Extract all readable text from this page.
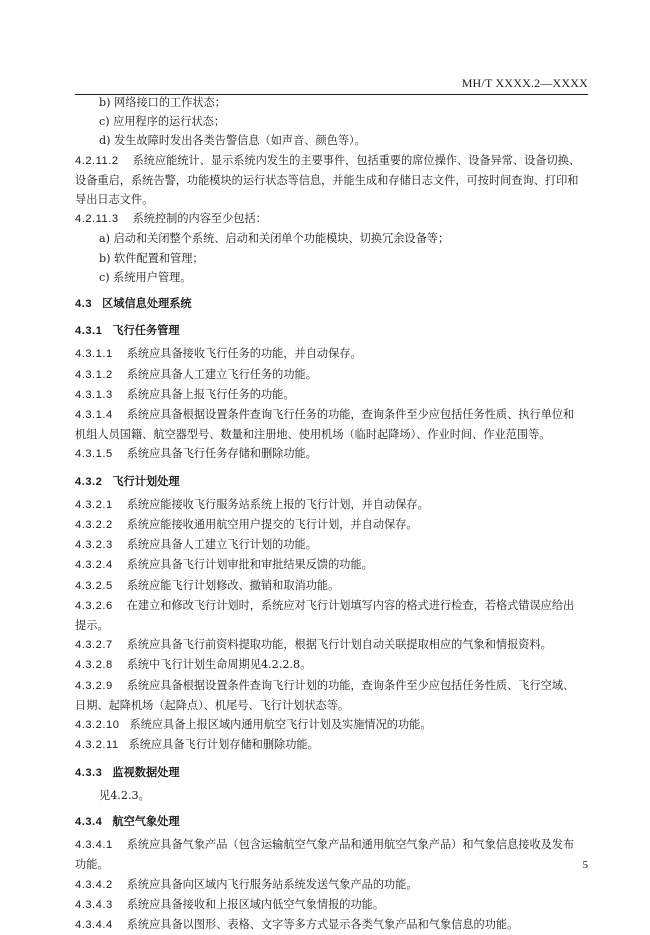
MH/T XXXX.2—XXXX
b) 网络接口的工作状态；
c) 应用程序的运行状态；
d) 发生故障时发出各类告警信息（如声音、颜色等）。
4.2.11.2 系统应能统计、显示系统内发生的主要事件，包括重要的席位操作、设备异常、设备切换、
设备重启，系统告警，功能模块的运行状态等信息，并能生成和存储日志文件，可按时间查询、打印和
导出日志文件。
4.2.11.3 系统控制的内容至少包括：
a) 启动和关闭整个系统、启动和关闭单个功能模块、切换冗余设备等；
b) 软件配置和管理；
c) 系统用户管理。
4.3 区域信息处理系统
4.3.1 飞行任务管理
4.3.1.1 系统应具备接收飞行任务的功能，并自动保存。
4.3.1.2 系统应具备人工建立飞行任务的功能。
4.3.1.3 系统应具备上报飞行任务的功能。
4.3.1.4 系统应具备根据设置条件查询飞行任务的功能，查询条件至少应包括任务性质、执行单位和
机组人员国籍、航空器型号、数量和注册地、使用机场（临时起降场）、作业时间、作业范围等。
4.3.1.5 系统应具备飞行任务存储和删除功能。
4.3.2 飞行计划处理
4.3.2.1 系统应能接收飞行服务站系统上报的飞行计划，并自动保存。
4.3.2.2 系统应能接收通用航空用户提交的飞行计划，并自动保存。
4.3.2.3 系统应具备人工建立飞行计划的功能。
4.3.2.4 系统应具备飞行计划审批和审批结果反馈的功能。
4.3.2.5 系统应能飞行计划修改、撤销和取消功能。
4.3.2.6 在建立和修改飞行计划时，系统应对飞行计划填写内容的格式进行检查，若格式错误应给出
提示。
4.3.2.7 系统应具备飞行前资料提取功能，根据飞行计划自动关联提取相应的气象和情报资料。
4.3.2.8 系统中飞行计划生命周期见4.2.2.8。
4.3.2.9 系统应具备根据设置条件查询飞行计划的功能，查询条件至少应包括任务性质、飞行空域、
日期、起降机场（起降点）、机尾号、飞行计划状态等。
4.3.2.10 系统应具备上报区域内通用航空飞行计划及实施情况的功能。
4.3.2.11 系统应具备飞行计划存储和删除功能。
4.3.3 监视数据处理
见4.2.3。
4.3.4 航空气象处理
4.3.4.1 系统应具备气象产品（包含运输航空气象产品和通用航空气象产品）和气象信息接收及发布
功能。
4.3.4.2 系统应具备向区域内飞行服务站系统发送气象产品的功能。
4.3.4.3 系统应具备接收和上报区域内低空气象情报的功能。
4.3.4.4 系统应具备以图形、表格、文字等多方式显示各类气象产品和气象信息的功能。
5
